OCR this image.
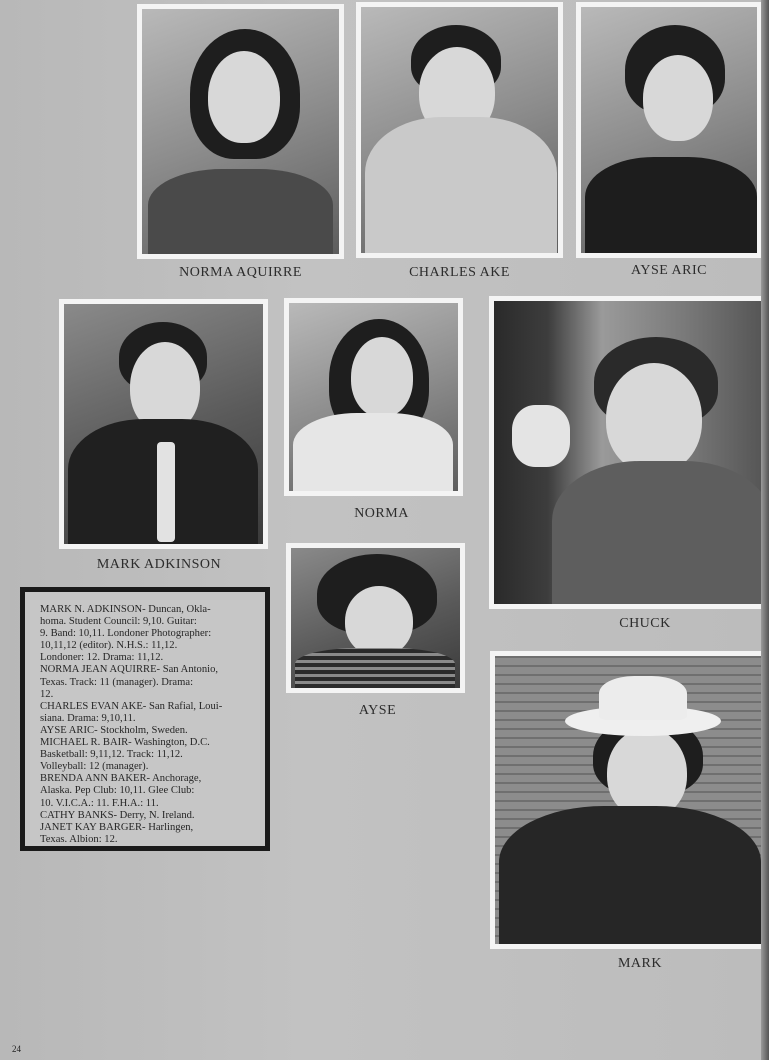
NORMA AQUIRRE	CHARLES AKE	AYSE ARIC
MARK ADKINSON
NORMA
CHUCK

MARK N. ADKINSON- Duncan, Okla-

homa. Student Council: 9,10. Guitar:

9. Band: 10,11. Londoner Photographer:

10,11,12 (editor). N.H.S.: 11,12.

Londoner: 12. Drama: 11,12.

NORMA JEAN AQUIRRE- San Antonio,

Texas. Track: 11 (manager). Drama:

12.

CHARLES EVAN AKE- San Rafial, Loui-

siana. Drama: 9,10,11.

AYSE ARIC- Stockholm, Sweden.

MICHAEL R. BAIR- Washington, D.C.

Basketball: 9,11,12. Track: 11,12.

Volleyball: 12 (manager).

BRENDA ANN BAKER- Anchorage,

Alaska. Pep Club: 10,11. Glee Club:

10. V.I.C.A.: 11. F.H.A.: 11.

CATHY BANKS- Derry, N. Ireland.

JANET KAY BARGER- Harlingen,

Texas. Albion: 12.

AYSE
MARK
24
